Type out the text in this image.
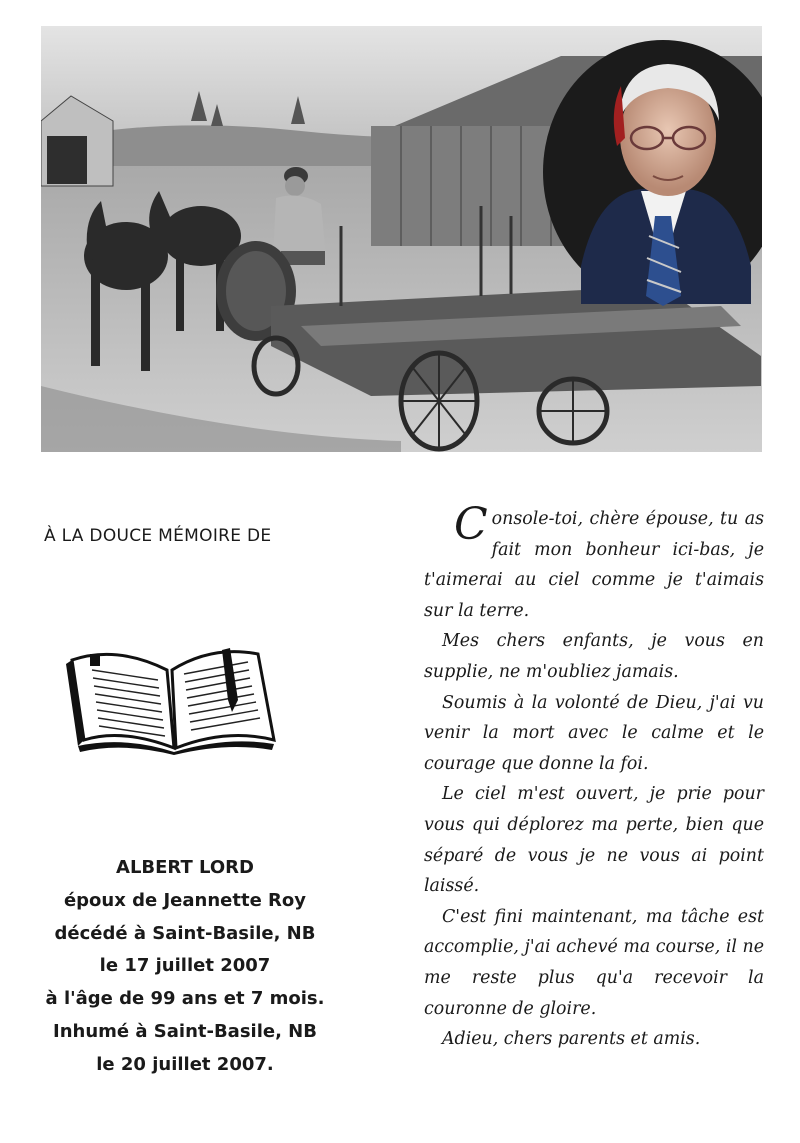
À LA DOUCE MÉMOIRE DE
ALBERT LORD
époux de Jeannette Roy
décédé à Saint-Basile, NB
le 17 juillet 2007
à l'âge de 99 ans et 7 mois.
Inhumé à Saint-Basile, NB
le 20 juillet 2007.

Console-toi, chère épouse, tu as fait mon bonheur ici-bas, je t'aimerai au ciel comme je t'aimais sur la terre.

Mes chers enfants, je vous en supplie, ne m'oubliez jamais.

Soumis à la volonté de Dieu, j'ai vu venir la mort avec le calme et le courage que donne la foi.

Le ciel m'est ouvert, je prie pour vous qui déplorez ma perte, bien que séparé de vous je ne vous ai point laissé.

C'est fini maintenant, ma tâche est accomplie, j'ai achevé ma course, il ne me reste plus qu'a recevoir la couronne de gloire.

Adieu, chers parents et amis.
